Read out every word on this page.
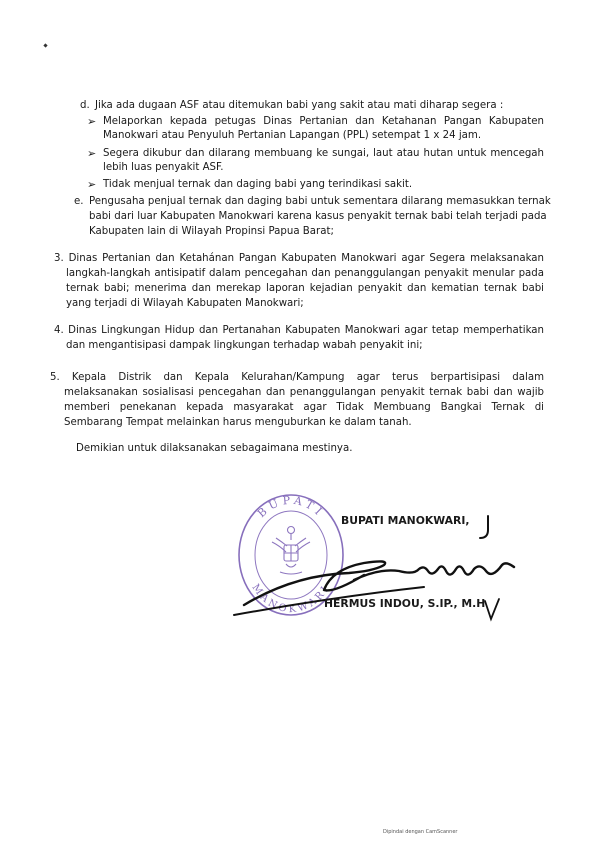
d. Jika ada dugaan ASF atau ditemukan babi yang sakit atau mati diharap segera :
➢ Melaporkan kepada petugas Dinas Pertanian dan Ketahanan Pangan Kabupaten
Manokwari atau Penyuluh Pertanian Lapangan (PPL) setempat 1 x 24 jam.
➢ Segera dikubur dan dilarang membuang ke sungai, laut atau hutan untuk mencegah
lebih luas penyakit ASF.
➢ Tidak menjual ternak dan daging babi yang terindikasi sakit.
e. Pengusaha penjual ternak dan daging babi untuk sementara dilarang memasukkan ternak
babi dari luar Kabupaten Manokwari karena kasus penyakit ternak babi telah terjadi pada
Kabupaten lain di Wilayah Propinsi Papua Barat;
3. Dinas Pertanian dan Ketahánan Pangan Kabupaten Manokwari agar Segera melaksanakan
langkah-langkah antisipatif dalam pencegahan dan penanggulangan penyakit menular pada
ternak babi; menerima dan merekap laporan kejadian penyakit dan kematian ternak babi
yang terjadi di Wilayah Kabupaten Manokwari;
4. Dinas Lingkungan Hidup dan Pertanahan Kabupaten Manokwari agar tetap memperhatikan
dan mengantisipasi dampak lingkungan terhadap wabah penyakit ini;
5. Kepala Distrik dan Kepala Kelurahan/Kampung agar terus berpartisipasi dalam
melaksanakan sosialisasi pencegahan dan penanggulangan penyakit ternak babi dan wajib
memberi penekanan kepada masyarakat agar Tidak Membuang Bangkai Ternak di
Sembarang Tempat melainkan harus menguburkan ke dalam tanah.
Demikian untuk dilaksanakan sebagaimana mestinya.
BUPATI
MANOKWARI
BUPATI MANOKWARI,
HERMUS INDOU, S.IP., M.H
Dipindai dengan CamScanner
